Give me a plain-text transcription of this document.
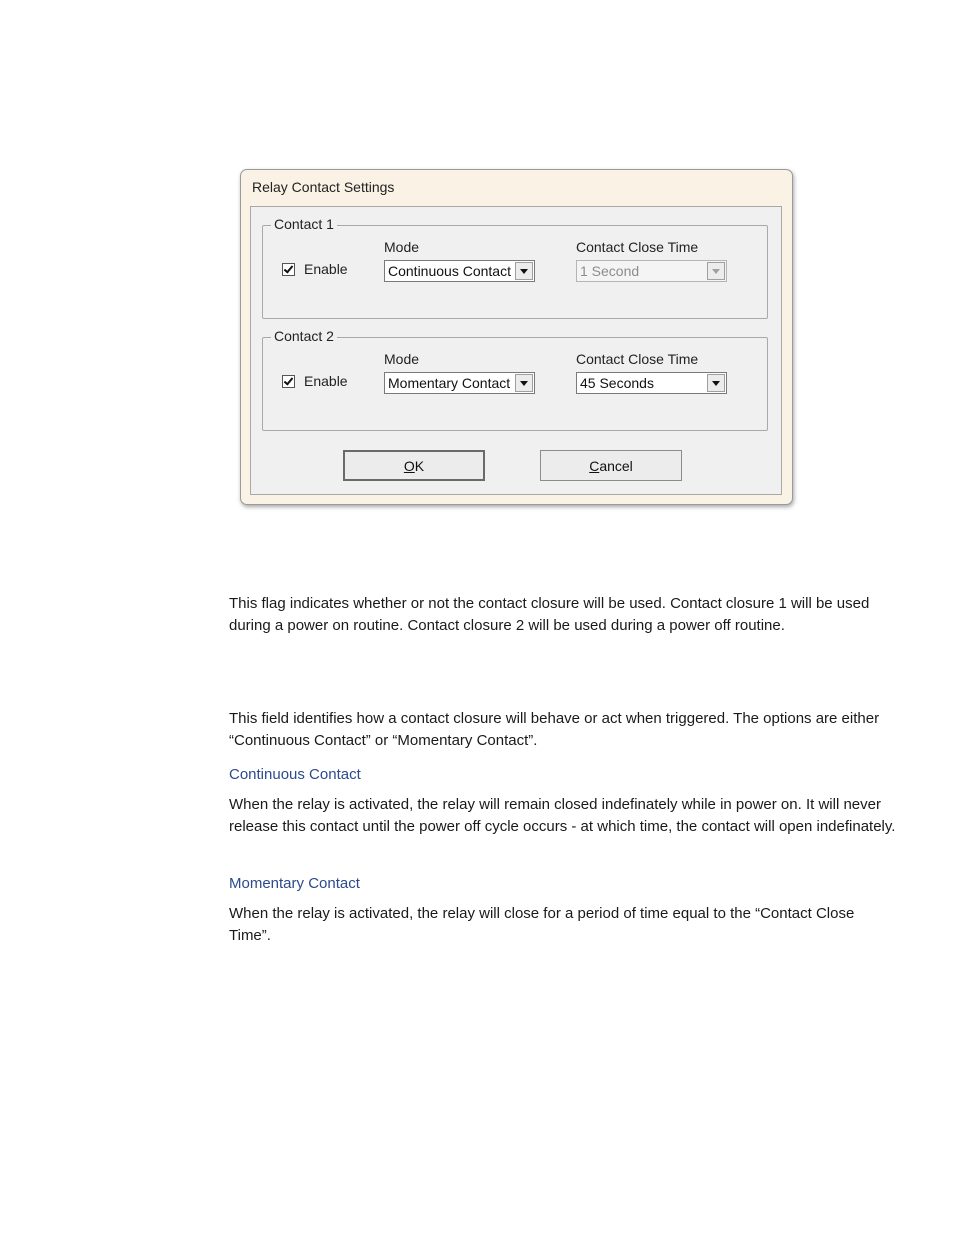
Relay Contact Settings
Contact 1
Enable
Mode
Continuous Contact
Contact Close Time
1 Second
Contact 2
Enable
Mode
Momentary Contact
Contact Close Time
45 Seconds
O K	C ancel

This flag indicates whether or not the contact closure will be used. Contact closure 1 will be used during a power on routine. Contact closure 2 will be used during a power off routine.

This field identifies how a contact closure will behave or act when triggered. The options are either “Continuous Contact” or “Momentary Contact”.

Continuous Contact

When the relay is activated, the relay will remain closed indefinately while in power on. It will never release this contact until the power off cycle occurs - at which time, the contact will open indefinately.

Momentary Contact

When the relay is activated, the relay will close for a period of time equal to the “Contact Close Time”.
